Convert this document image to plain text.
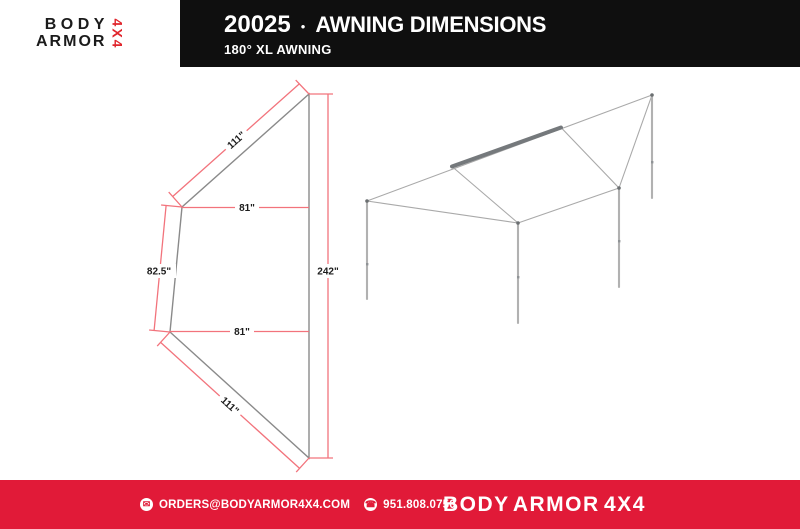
242"
81"
81"
111"
111"
82.5"
BODY
ARMOR 4X4	20025 • AWNING DIMENSIONS
180° XL AWNING
✉ ORDERS@BODYARMOR4X4.COM ☎ 951.808.0750
BODY ARMOR 4X4
